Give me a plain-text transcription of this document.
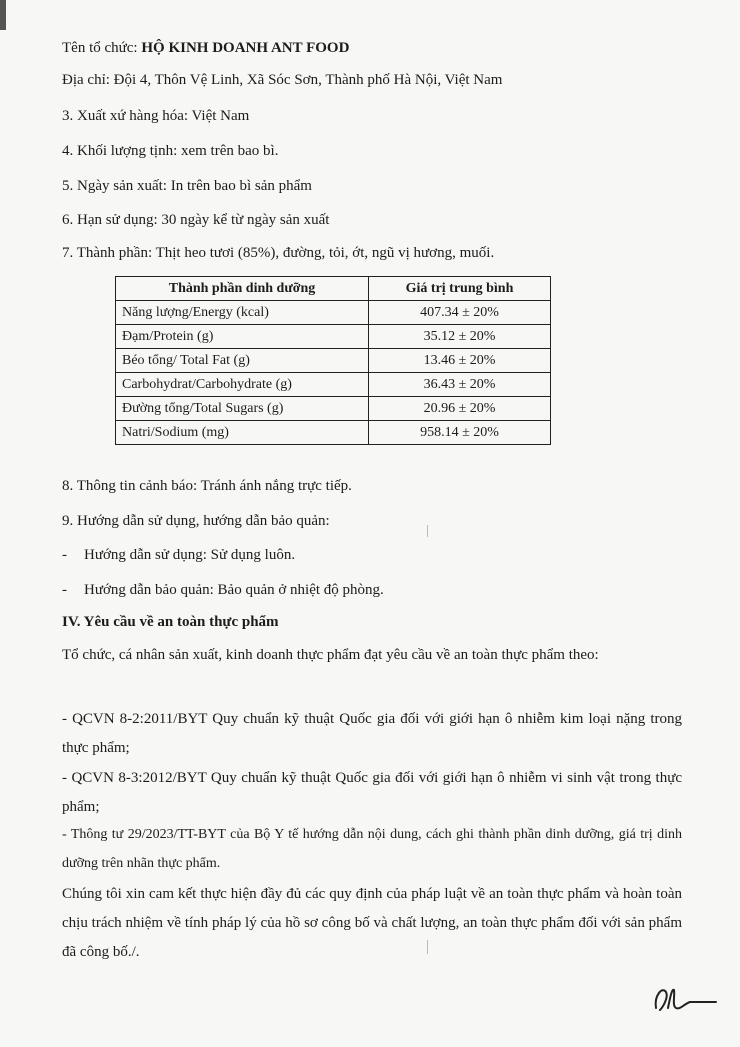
Tên tổ chức: HỘ KINH DOANH ANT FOOD
Địa chỉ: Đội 4, Thôn Vệ Linh, Xã Sóc Sơn, Thành phố Hà Nội, Việt Nam
3. Xuất xứ hàng hóa: Việt Nam
4. Khối lượng tịnh: xem trên bao bì.
5. Ngày sản xuất: In trên bao bì sản phẩm
6. Hạn sử dụng: 30 ngày kể từ ngày sản xuất
7. Thành phần: Thịt heo tươi (85%), đường, tỏi, ớt, ngũ vị hương, muối.
Thành phần dinh dưỡng	Giá trị trung bình
Năng lượng/Energy (kcal)	407.34 ± 20%
Đạm/Protein (g)	35.12 ± 20%
Béo tổng/ Total Fat (g)	13.46 ± 20%
Carbohydrat/Carbohydrate (g)	36.43 ± 20%
Đường tổng/Total Sugars (g)	20.96 ± 20%
Natri/Sodium (mg)	958.14 ± 20%
8. Thông tin cảnh báo: Tránh ánh nắng trực tiếp.
9. Hướng dẫn sử dụng, hướng dẫn bảo quản:
- Hướng dẫn sử dụng: Sử dụng luôn.
- Hướng dẫn bảo quản: Bảo quản ở nhiệt độ phòng.
IV. Yêu cầu về an toàn thực phẩm
Tổ chức, cá nhân sản xuất, kinh doanh thực phẩm đạt yêu cầu về an toàn thực phẩm theo:
- QCVN 8-2:2011/BYT Quy chuẩn kỹ thuật Quốc gia đối với giới hạn ô nhiễm kim loại nặng trong thực phẩm;
- QCVN 8-3:2012/BYT Quy chuẩn kỹ thuật Quốc gia đối với giới hạn ô nhiễm vi sinh vật trong thực phẩm;
- Thông tư 29/2023/TT-BYT của Bộ Y tế hướng dẫn nội dung, cách ghi thành phần dinh dưỡng, giá trị dinh dưỡng trên nhãn thực phẩm.
Chúng tôi xin cam kết thực hiện đầy đủ các quy định của pháp luật về an toàn thực phẩm và hoàn toàn chịu trách nhiệm về tính pháp lý của hồ sơ công bố và chất lượng, an toàn thực phẩm đối với sản phẩm đã công bố./.
